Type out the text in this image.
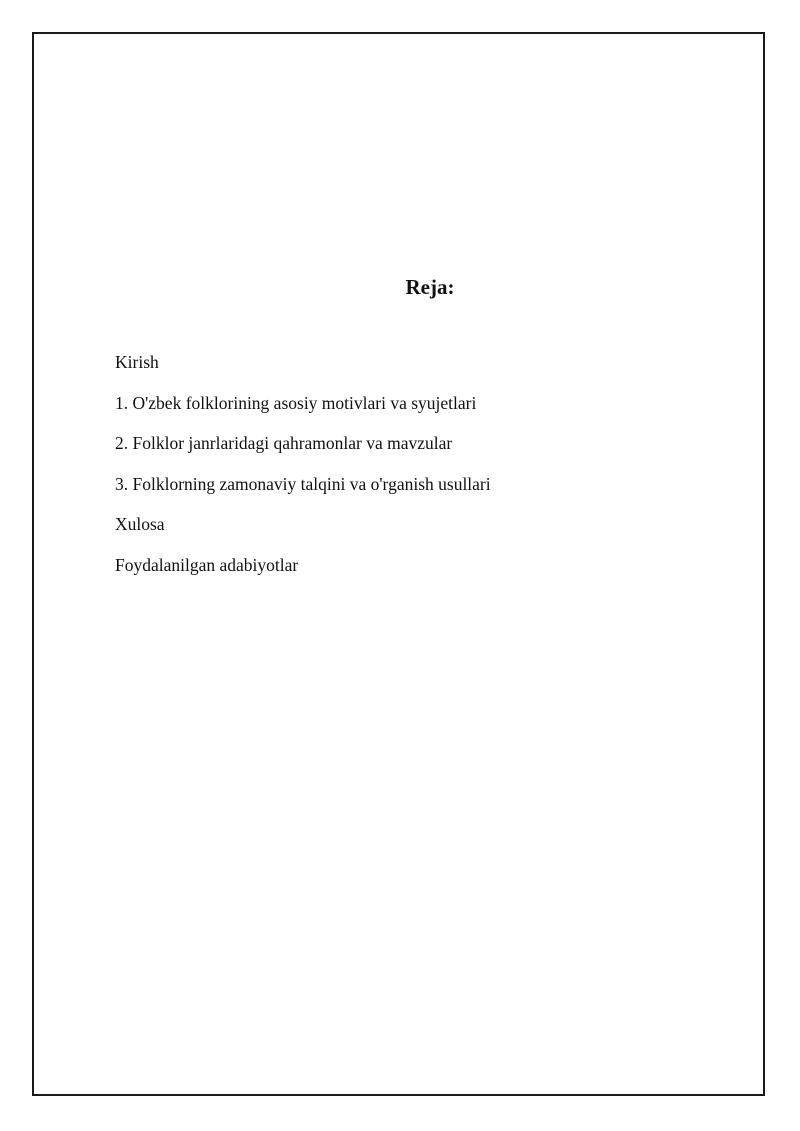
Reja:
Kirish
1. O'zbek folklorining asosiy motivlari va syujetlari
2. Folklor janrlaridagi qahramonlar va mavzular
3. Folklorning zamonaviy talqini va o'rganish usullari
Xulosa
Foydalanilgan adabiyotlar
